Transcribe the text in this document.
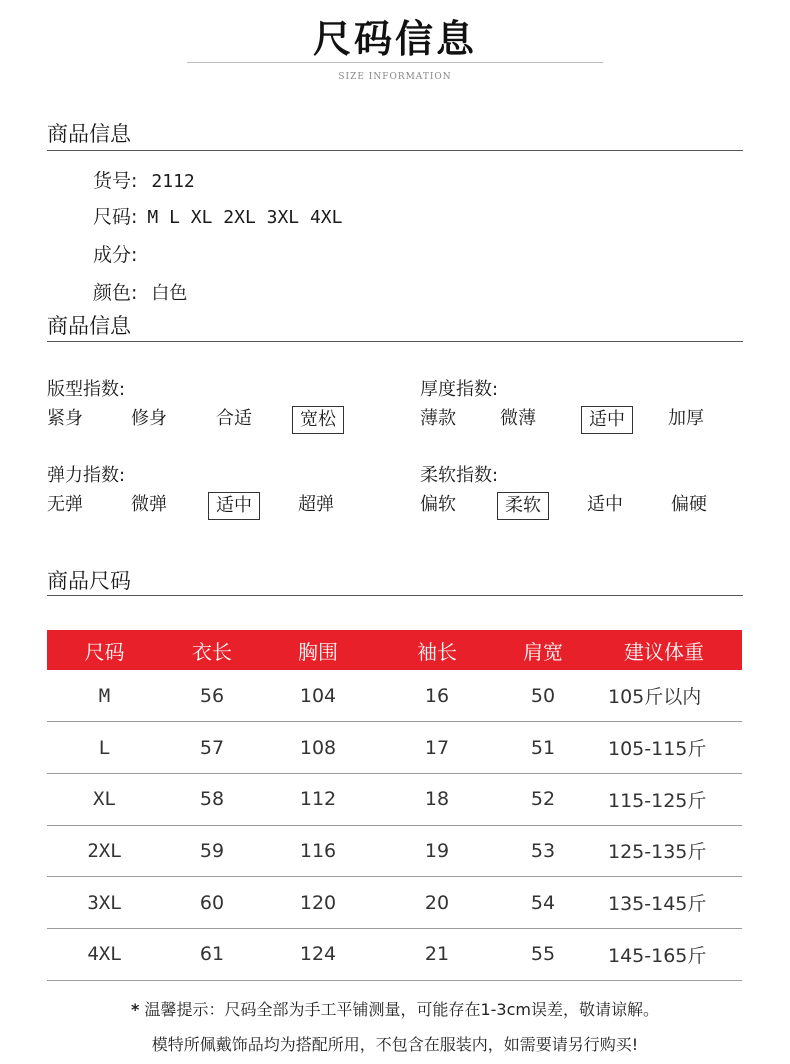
尺码信息
SIZE INFORMATION
商品信息
货号: 2112
尺码: M L XL 2XL 3XL 4XL
成分:
颜色: 白色
商品信息
版型指数:
紧身	修身	合适	宽松
厚度指数:
薄款 微薄	适中	加厚
弹力指数:
无弹	微弹	适中	超弹
柔软指数:
偏软	柔软	适中	偏硬
商品尺码
尺码	衣长	胸围	袖长	肩宽	建议体重
M	56	104	16	50	105斤以内
L	57	108	17	51	105-115斤
XL	58	112	18	52	115-125斤
2XL	59	116	19	53	125-135斤
3XL	60	120	20	54	135-145斤
4XL	61	124	21	55	145-165斤
* 温馨提示：尺码全部为手工平铺测量，可能存在1-3cm误差，敬请谅解。
模特所佩戴饰品均为搭配所用，不包含在服装内，如需要请另行购买!
